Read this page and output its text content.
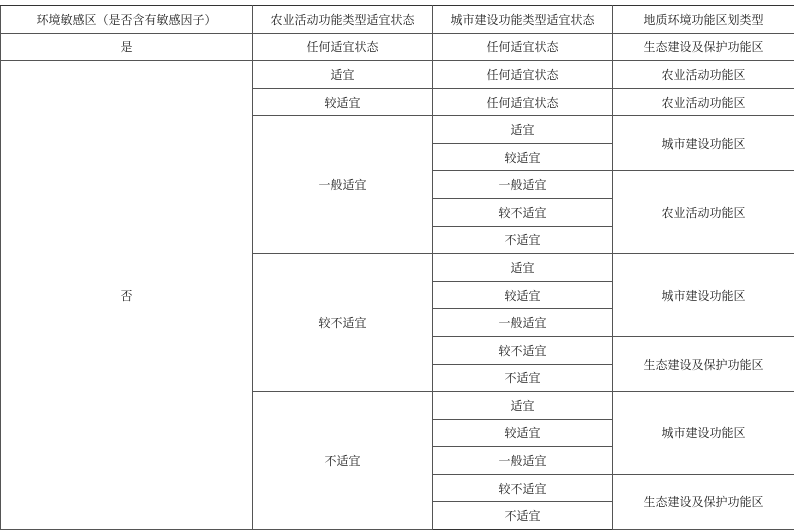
环境敏感区（是否含有敏感因子）	农业活动功能类型适宜状态	城市建设功能类型适宜状态	地质环境功能区划类型
是	任何适宜状态	任何适宜状态	生态建设及保护功能区
否	适宜	任何适宜状态	农业活动功能区
	较适宜	任何适宜状态	农业活动功能区
	一般适宜	适宜	城市建设功能区
		较适宜	
		一般适宜	农业活动功能区
		较不适宜	
		不适宜	
	较不适宜	适宜	城市建设功能区
		较适宜	
		一般适宜	
		较不适宜	生态建设及保护功能区
		不适宜	
	不适宜	适宜	城市建设功能区
		较适宜	
		一般适宜	
		较不适宜	生态建设及保护功能区
		不适宜	
